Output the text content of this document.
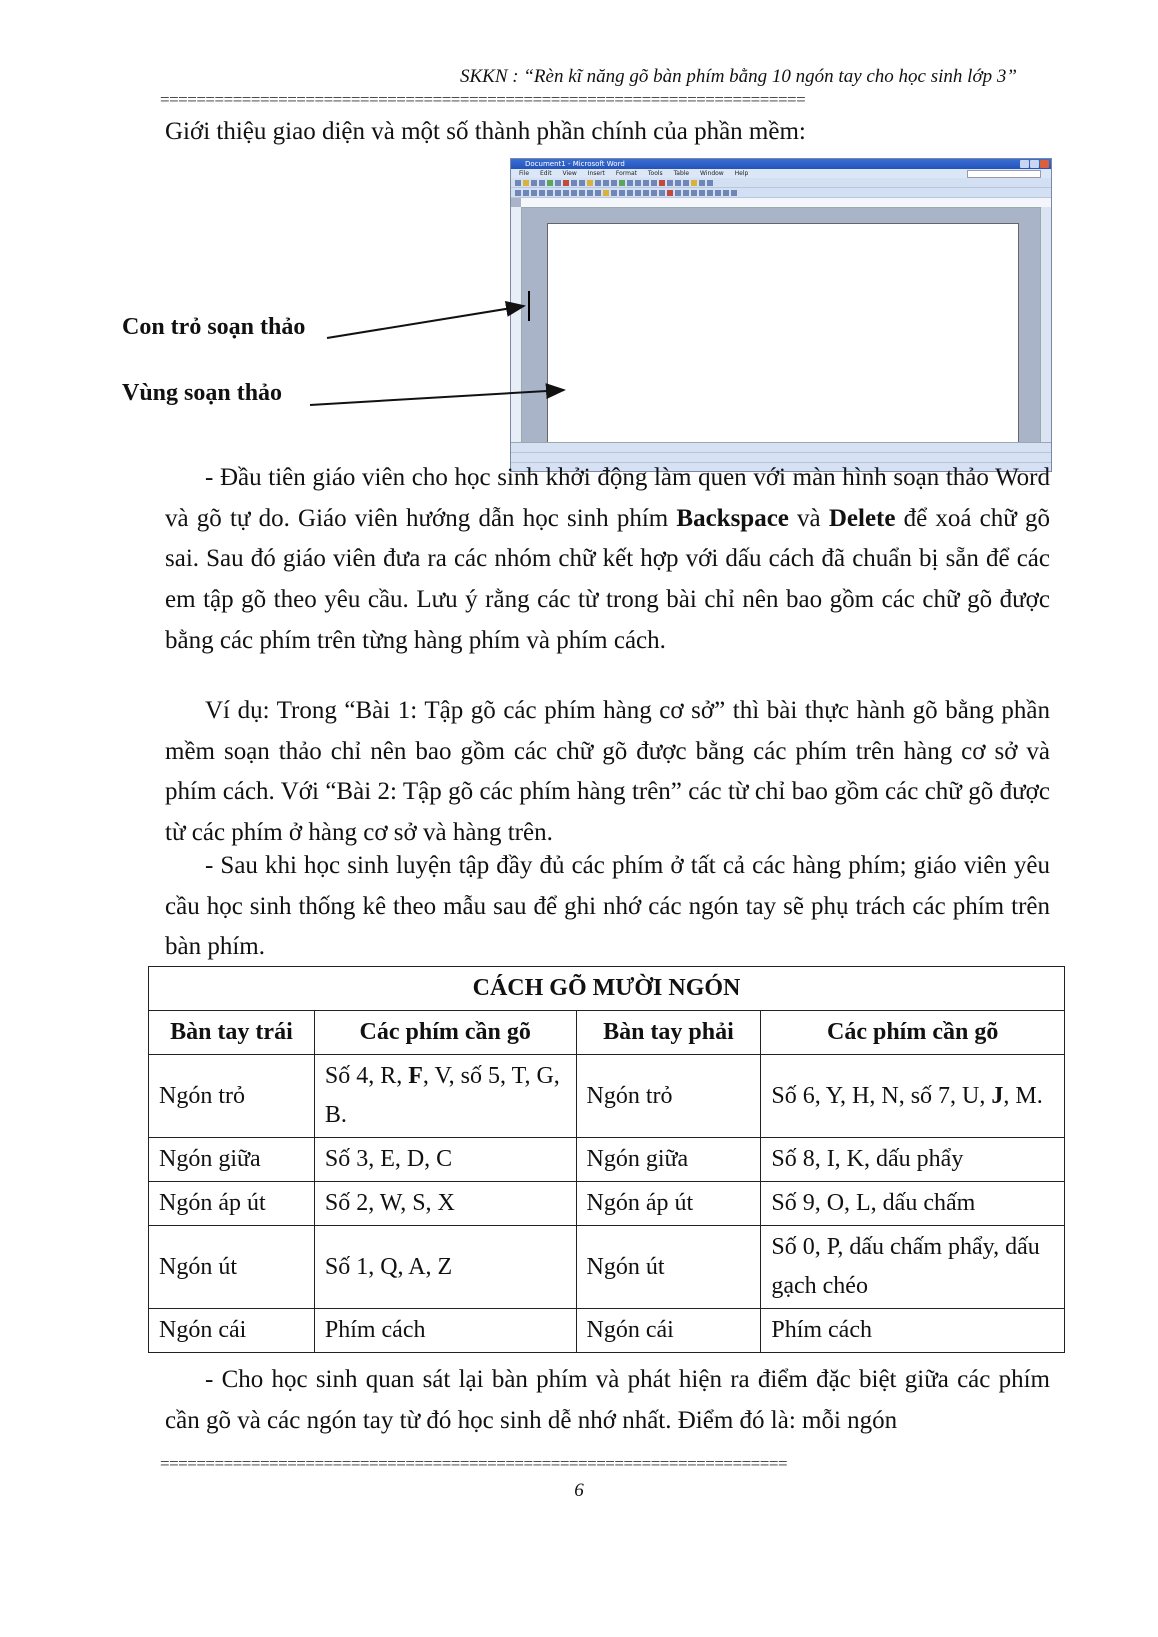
SKKN : “Rèn kĩ năng gõ bàn phím bằng 10 ngón tay cho học sinh lớp 3”
=======================================================================
Giới thiệu giao diện và một số thành phần chính của phần mềm:
Document1 - Microsoft Word
File Edit View Insert Format Tools Table Window Help
Con trỏ soạn thảo
Vùng soạn thảo
- Đầu tiên giáo viên cho học sinh khởi động làm quen với màn hình soạn thảo Word và gõ tự do. Giáo viên hướng dẫn học sinh phím Backspace và Delete để xoá chữ gõ sai. Sau đó giáo viên đưa ra các nhóm chữ kết hợp với dấu cách đã chuẩn bị sẵn để các em tập gõ theo yêu cầu. Lưu ý rằng các từ trong bài chỉ nên bao gồm các chữ gõ được bằng các phím trên từng hàng phím và phím cách.
Ví dụ: Trong “Bài 1: Tập gõ các phím hàng cơ sở” thì bài thực hành gõ bằng phần mềm soạn thảo chỉ nên bao gồm các chữ gõ được bằng các phím trên hàng cơ sở và phím cách. Với “Bài 2: Tập gõ các phím hàng trên” các từ chỉ bao gồm các chữ gõ được từ các phím ở hàng cơ sở và hàng trên.
- Sau khi học sinh luyện tập đầy đủ các phím ở tất cả các hàng phím; giáo viên yêu cầu học sinh thống kê theo mẫu sau để ghi nhớ các ngón tay sẽ phụ trách các phím trên bàn phím.
CÁCH GÕ MƯỜI NGÓN			
Bàn tay trái	Các phím cần gõ	Bàn tay phải	Các phím cần gõ
Ngón trỏ	Số 4, R, F, V, số 5, T, G, B.	Ngón trỏ	Số 6, Y, H, N, số 7, U, J, M.
Ngón giữa	Số 3, E, D, C	Ngón giữa	Số 8, I, K, dấu phẩy
Ngón áp út	Số 2, W, S, X	Ngón áp út	Số 9, O, L, dấu chấm
Ngón út	Số 1, Q, A, Z	Ngón út	Số 0, P, dấu chấm phẩy, dấu gạch chéo
Ngón cái	Phím cách	Ngón cái	Phím cách
- Cho học sinh quan sát lại bàn phím và phát hiện ra điểm đặc biệt giữa các phím cần gõ và các ngón tay từ đó học sinh dễ nhớ nhất. Điểm đó là: mỗi ngón
=====================================================================
6
